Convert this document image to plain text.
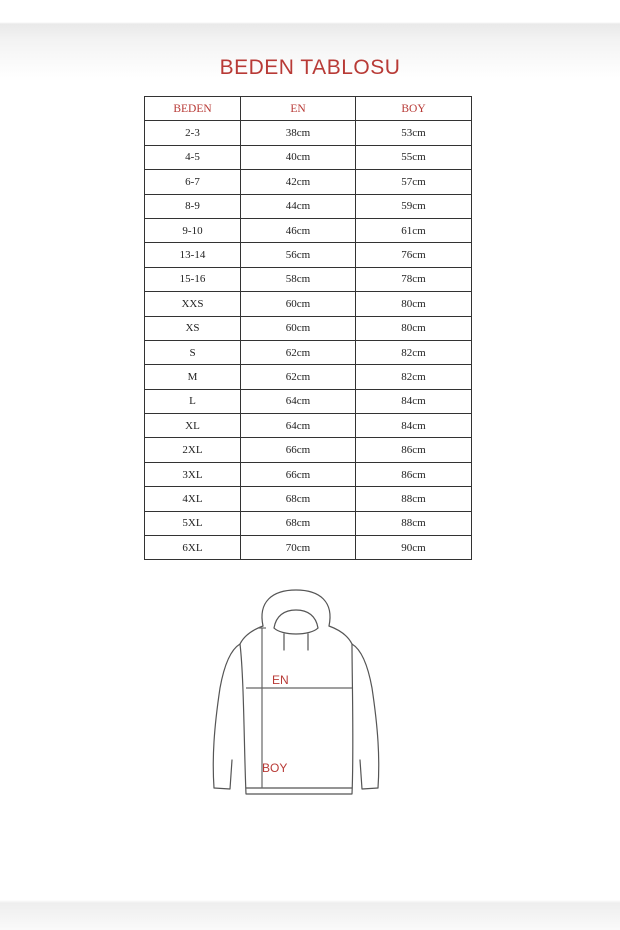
BEDEN TABLOSU
BEDEN	EN	BOY
2-3	38cm	53cm
4-5	40cm	55cm
6-7	42cm	57cm
8-9	44cm	59cm
9-10	46cm	61cm
13-14	56cm	76cm
15-16	58cm	78cm
XXS	60cm	80cm
XS	60cm	80cm
S	62cm	82cm
M	62cm	82cm
L	64cm	84cm
XL	64cm	84cm
2XL	66cm	86cm
3XL	66cm	86cm
4XL	68cm	88cm
5XL	68cm	88cm
6XL	70cm	90cm
EN
BOY
